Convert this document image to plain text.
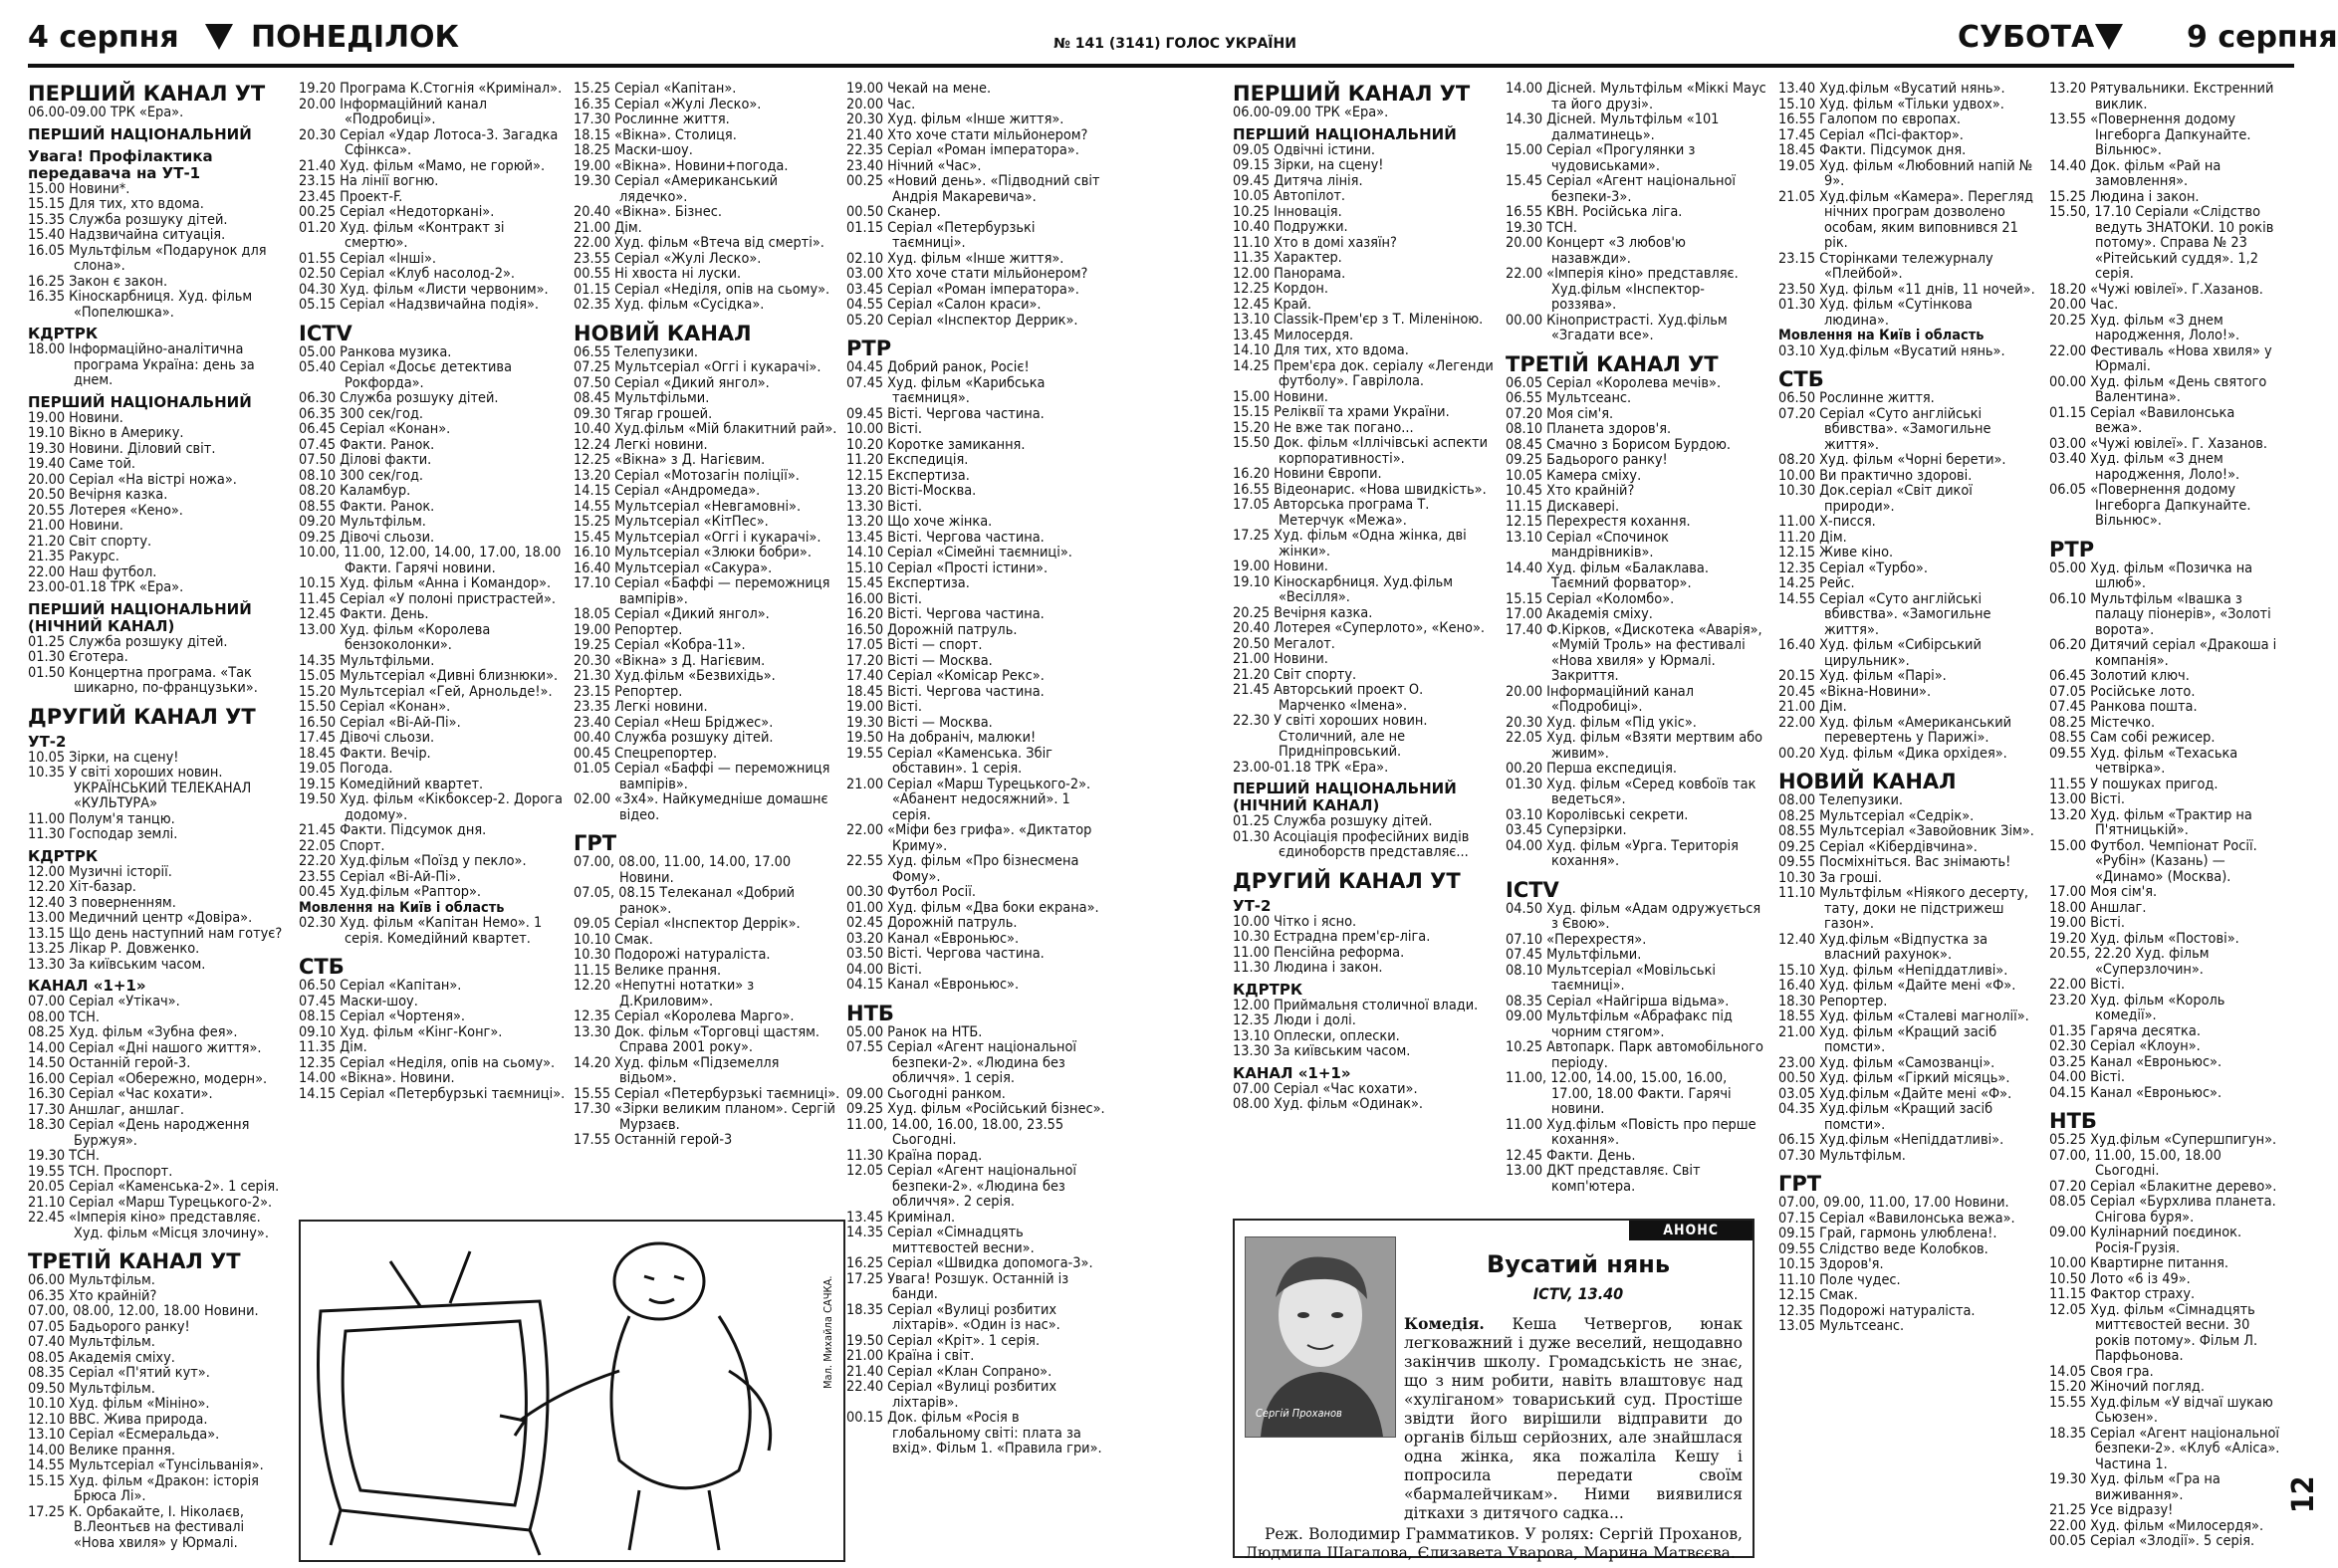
4 серпня ПОНЕДІЛОК	№ 141 (3141) ГОЛОС УКРАЇНИ	СУБОТА	9 серпня

ПЕРШИЙ КАНАЛ УТ

06.00-09.00 ТРК «Ера».

ПЕРШИЙ НАЦІОНАЛЬНИЙ

Увага! Профілактика передавача на УТ-1

15.00 Новини*.

15.15 Для тих, хто вдома.

15.35 Служба розшуку дітей.

15.40 Надзвичайна ситуація.

16.05 Мультфільм «Подарунок для слона».

16.25 Закон є закон.

16.35 Кіноскарбниця. Худ. фільм «Попелюшка».

КДРТРК

18.00 Інформаційно-аналітична програма Україна: день за днем.

ПЕРШИЙ НАЦІОНАЛЬНИЙ

19.00 Новини.

19.10 Вікно в Америку.

19.30 Новини. Діловий світ.

19.40 Саме той.

20.00 Серіал «На вістрі ножа».

20.50 Вечірня казка.

20.55 Лотерея «Кено».

21.00 Новини.

21.20 Світ спорту.

21.35 Ракурс.

22.00 Наш футбол.

23.00-01.18 ТРК «Ера».

ПЕРШИЙ НАЦІОНАЛЬНИЙ (НІЧНИЙ КАНАЛ)

01.25 Служба розшуку дітей.

01.30 Єготера.

01.50 Концертна програма. «Так шикарно, по-французьки».

ДРУГИЙ КАНАЛ УТ

УТ-2

10.05 Зірки, на сцену!

10.35 У світі хороших новин. УКРАЇНСЬКИЙ ТЕЛЕКАНАЛ «КУЛЬТУРА»

11.00 Полум'я танцю.

11.30 Господар землі.

КДРТРК

12.00 Музичні історії.

12.20 Хіт-базар.

12.40 З поверненням.

13.00 Медичний центр «Довіра».

13.15 Що день наступний нам готує?

13.25 Лікар Р. Довженко.

13.30 За київським часом.

КАНАЛ «1+1»

07.00 Серіал «Утікач».

08.00 ТСН.

08.25 Худ. фільм «Зубна фея».

14.00 Серіал «Дні нашого життя».

14.50 Останній герой-3.

16.00 Серіал «Обережно, модерн».

16.30 Серіал «Час кохати».

17.30 Аншлаг, аншлаг.

18.30 Серіал «День народження Буржуя».

19.30 ТСН.

19.55 ТСН. Проспорт.

20.05 Серіал «Каменська-2». 1 серія.

21.10 Серіал «Марш Турецького-2».

22.45 «Імперія кіно» представляє. Худ. фільм «Місця злочину».

ТРЕТІЙ КАНАЛ УТ

06.00 Мультфільм.

06.35 Хто крайній?

07.00, 08.00, 12.00, 18.00 Новини.

07.05 Бадьорого ранку!

07.40 Мультфільм.

08.05 Академія сміху.

08.35 Серіал «П'ятий кут».

09.50 Мультфільм.

10.10 Худ. фільм «Мініно».

12.10 ВВС. Жива природа.

13.10 Серіал «Есмеральда».

14.00 Велике прання.

14.55 Мультсеріал «Тунсільванія».

15.15 Худ. фільм «Дракон: історія Брюса Лі».

17.25 К. Орбакайте, І. Ніколаєв, В.Леонтьєв на фестивалі «Нова хвиля» у Юрмалі.

19.20 Програма К.Стогнія «Кримінал».

20.00 Інформаційний канал «Подробиці».

20.30 Серіал «Удар Лотоса-3. Загадка Сфінкса».

21.40 Худ. фільм «Мамо, не горюй».

23.15 На лінії вогню.

23.45 Проект-F.

00.25 Серіал «Недоторкані».

01.20 Худ. фільм «Контракт зі смертю».

01.55 Серіал «Інші».

02.50 Серіал «Клуб насолод-2».

04.30 Худ. фільм «Листи червоним».

05.15 Серіал «Надзвичайна подія».

ICTV

05.00 Ранкова музика.

05.40 Серіал «Досьє детектива Рокфорда».

06.30 Служба розшуку дітей.

06.35 300 сек/год.

06.45 Серіал «Конан».

07.45 Факти. Ранок.

07.50 Ділові факти.

08.10 300 сек/год.

08.20 Каламбур.

08.55 Факти. Ранок.

09.20 Мультфільм.

09.25 Дівочі сльози.

10.00, 11.00, 12.00, 14.00, 17.00, 18.00 Факти. Гарячі новини.

10.15 Худ. фільм «Анна і Командор».

11.45 Серіал «У полоні пристрастей».

12.45 Факти. День.

13.00 Худ. фільм «Королева бензоколонки».

14.35 Мультфільми.

15.05 Мультсеріал «Дивні близнюки».

15.20 Мультсеріал «Гей, Арнольде!».

15.50 Серіал «Конан».

16.50 Серіал «Ві-Ай-Пі».

17.45 Дівочі сльози.

18.45 Факти. Вечір.

19.05 Погода.

19.15 Комедійний квартет.

19.50 Худ. фільм «Кікбоксер-2. Дорога додому».

21.45 Факти. Підсумок дня.

22.05 Спорт.

22.20 Худ.фільм «Поїзд у пекло».

23.55 Серіал «Ві-Ай-Пі».

00.45 Худ.фільм «Раптор».

Мовлення на Київ і область

02.30 Худ. фільм «Капітан Немо». 1 серія. Комедійний квартет.

СТБ

06.50 Серіал «Капітан».

07.45 Маски-шоу.

08.15 Серіал «Чортеня».

09.10 Худ. фільм «Кінг-Конг».

11.35 Дім.

12.35 Серіал «Неділя, опів на сьому».

14.00 «Вікна». Новини.

14.15 Серіал «Петербурзькі таємниці».

15.25 Серіал «Капітан».

16.35 Серіал «Жулі Леско».

17.30 Рослинне життя.

18.15 «Вікна». Столиця.

18.25 Маски-шоу.

19.00 «Вікна». Новини+погода.

19.30 Серіал «Американський лядечко».

20.40 «Вікна». Бізнес.

21.00 Дім.

22.00 Худ. фільм «Втеча від смерті».

23.55 Серіал «Жулі Леско».

00.55 Ні хвоста ні луски.

01.15 Серіал «Неділя, опів на сьому».

02.35 Худ. фільм «Сусідка».

НОВИЙ КАНАЛ

06.55 Телепузики.

07.25 Мультсеріал «Оггі і кукарачі».

07.50 Серіал «Дикий янгол».

08.45 Мультфільми.

09.30 Тягар грошей.

10.40 Худ.фільм «Мій блакитний рай».

12.24 Легкі новини.

12.25 «Вікна» з Д. Нагієвим.

13.20 Серіал «Мотозагін поліції».

14.15 Серіал «Андромеда».

14.55 Мультсеріал «Невгамовні».

15.25 Мультсеріал «КітПес».

15.45 Мультсеріал «Оггі і кукарачі».

16.10 Мультсеріал «Злюки бобри».

16.40 Мультсеріал «Сакура».

17.10 Серіал «Баффі — переможниця вампірів».

18.05 Серіал «Дикий янгол».

19.00 Репортер.

19.25 Серіал «Кобра-11».

20.30 «Вікна» з Д. Нагієвим.

21.30 Худ.фільм «Безвихідь».

23.15 Репортер.

23.35 Легкі новини.

23.40 Серіал «Неш Бріджес».

00.40 Служба розшуку дітей.

00.45 Спецрепортер.

01.05 Серіал «Баффі — переможниця вампірів».

02.00 «3х4». Найкумедніше домашнє відео.

ГРТ

07.00, 08.00, 11.00, 14.00, 17.00 Новини.

07.05, 08.15 Телеканал «Добрий ранок».

09.05 Серіал «Інспектор Деррік».

10.10 Смак.

10.30 Подорожі натураліста.

11.15 Велике прання.

12.20 «Непутні нотатки» з Д.Криловим».

12.35 Серіал «Королева Марго».

13.30 Док. фільм «Торговці щастям. Справа 2001 року».

14.20 Худ. фільм «Підземелля відьом».

15.55 Серіал «Петербурзькі таємниці».

17.30 «Зірки великим планом». Сергій Мурзаєв.

17.55 Останній герой-3

19.00 Чекай на мене.

20.00 Час.

20.30 Худ. фільм «Інше життя».

21.40 Хто хоче стати мільйонером?

22.35 Серіал «Роман імператора».

23.40 Нічний «Час».

00.25 «Новий день». «Підводний світ Андрія Макаревича».

00.50 Сканер.

01.15 Серіал «Петербурзькі таємниці».

02.10 Худ. фільм «Інше життя».

03.00 Хто хоче стати мільйонером?

03.45 Серіал «Роман імператора».

04.55 Серіал «Салон краси».

05.20 Серіал «Інспектор Деррик».

РТР

04.45 Добрий ранок, Росіє!

07.45 Худ. фільм «Карибська таємниця».

09.45 Вісті. Чергова частина.

10.00 Вісті.

10.20 Коротке замикання.

11.20 Експедиція.

12.15 Експертиза.

13.20 Вісті-Москва.

13.30 Вісті.

13.20 Що хоче жінка.

13.45 Вісті. Чергова частина.

14.10 Серіал «Сімейні таємниці».

15.10 Серіал «Прості істини».

15.45 Експертиза.

16.00 Вісті.

16.20 Вісті. Чергова частина.

16.50 Дорожній патруль.

17.05 Вісті — спорт.

17.20 Вісті — Москва.

17.40 Серіал «Комісар Рекс».

18.45 Вісті. Чергова частина.

19.00 Вісті.

19.30 Вісті — Москва.

19.50 На добраніч, малюки!

19.55 Серіал «Каменська. Збіг обставин». 1 серія.

21.00 Серіал «Марш Турецького-2». «Абанент недосяжний». 1 серія.

22.00 «Міфи без грифа». «Диктатор Криму».

22.55 Худ. фільм «Про бізнесмена Фому».

00.30 Футбол Росії.

01.00 Худ. фільм «Два боки екрана».

02.45 Дорожній патруль.

03.20 Канал «Евроньюс».

03.50 Вісті. Чергова частина.

04.00 Вісті.

04.15 Канал «Евроньюс».

НТБ

05.00 Ранок на НТБ.

07.55 Серіал «Агент національної безпеки-2». «Людина без обличчя». 1 серія.

09.00 Сьогодні ранком.

09.25 Худ. фільм «Російський бізнес».

11.00, 14.00, 16.00, 18.00, 23.55 Сьогодні.

11.30 Країна порад.

12.05 Серіал «Агент національної безпеки-2». «Людина без обличчя». 2 серія.

13.45 Кримінал.

14.35 Серіал «Сімнадцять миттєвостей весни».

16.25 Серіал «Швидка допомога-3».

17.25 Увага! Розшук. Останній із банди.

18.35 Серіал «Вулиці розбитих ліхтарів». «Один із нас».

19.50 Серіал «Кріт». 1 серія.

21.00 Країна і світ.

21.40 Серіал «Клан Сопрано».

22.40 Серіал «Вулиці розбитих ліхтарів».

00.15 Док. фільм «Росія в глобальному світі: плата за вхід». Фільм 1. «Правила гри».

ПЕРШИЙ КАНАЛ УТ

06.00-09.00 ТРК «Ера».

ПЕРШИЙ НАЦІОНАЛЬНИЙ

09.05 Одвічні істини.

09.15 Зірки, на сцену!

09.45 Дитяча лінія.

10.05 Автопілот.

10.25 Інновація.

10.40 Подружки.

11.10 Хто в домі хазяїн?

11.35 Характер.

12.00 Панорама.

12.25 Кордон.

12.45 Край.

13.10 Classik-Прем'єр з Т. Міленіною.

13.45 Милосердя.

14.10 Для тих, хто вдома.

14.25 Прем'єра док. серіалу «Легенди футболу». Гаврілола.

15.00 Новини.

15.15 Реліквії та храми України.

15.20 Не вже так погано...

15.50 Док. фільм «Іллічівські аспекти корпоративності».

16.20 Новини Європи.

16.55 Відеонарис. «Нова швидкість».

17.05 Авторська програма Т. Метерчук «Межа».

17.25 Худ. фільм «Одна жінка, дві жінки».

19.00 Новини.

19.10 Кіноскарбниця. Худ.фільм «Весілля».

20.25 Вечірня казка.

20.40 Лотерея «Суперлото», «Кено».

20.50 Мегалот.

21.00 Новини.

21.20 Світ спорту.

21.45 Авторський проект О. Марченко «Імена».

22.30 У світі хороших новин. Столичний, але не Придніпровський.

23.00-01.18 ТРК «Ера».

ПЕРШИЙ НАЦІОНАЛЬНИЙ (НІЧНИЙ КАНАЛ)

01.25 Служба розшуку дітей.

01.30 Асоціація професійних видів єдиноборств представляє...

ДРУГИЙ КАНАЛ УТ

УТ-2

10.00 Чітко і ясно.

10.30 Естрадна прем'єр-ліга.

11.00 Пенсійна реформа.

11.30 Людина і закон.

КДРТРК

12.00 Приймальня столичної влади.

12.35 Люди і долі.

13.10 Оплески, оплески.

13.30 За київським часом.

КАНАЛ «1+1»

07.00 Серіал «Час кохати».

08.00 Худ. фільм «Одинак».

14.00 Дісней. Мультфільм «Міккі Маус та його друзі».

14.30 Дісней. Мультфільм «101 далматинець».

15.00 Серіал «Прогулянки з чудовиськами».

15.45 Серіал «Агент національної безпеки-3».

16.55 КВН. Російська ліга.

19.30 ТСН.

20.00 Концерт «З любов'ю назавжди».

22.00 «Імперія кіно» представляє. Худ.фільм «Інспектор-роззява».

00.00 Кінопристрасті. Худ.фільм «Згадати все».

ТРЕТІЙ КАНАЛ УТ

06.05 Серіал «Королева мечів».

06.55 Мультсеанс.

07.20 Моя сім'я.

08.10 Планета здоров'я.

08.45 Смачно з Борисом Бурдою.

09.25 Бадьорого ранку!

10.05 Камера сміху.

10.45 Хто крайній?

11.15 Дискавері.

12.15 Перехрестя кохання.

13.10 Серіал «Спочинок мандрівників».

14.40 Худ. фільм «Балаклава. Таємний форватор».

15.15 Серіал «Коломбо».

17.00 Академія сміху.

17.40 Ф.Кірков, «Дискотека «Аварія», «Мумій Троль» на фестивалі «Нова хвиля» у Юрмалі. Закриття.

20.00 Інформаційний канал «Подробиці».

20.30 Худ. фільм «Під укіс».

22.05 Худ. фільм «Взяти мертвим або живим».

00.20 Перша експедиція.

01.30 Худ. фільм «Серед ковбоїв так ведеться».

03.10 Королівські секрети.

03.45 Суперзірки.

04.00 Худ. фільм «Урга. Територія кохання».

ICTV

04.50 Худ. фільм «Адам одружується з Євою».

07.10 «Перехрестя».

07.45 Мультфільми.

08.10 Мультсеріал «Мовільські таємниці».

08.35 Серіал «Найгірша відьма».

09.00 Мультфільм «Абрафакс під чорним стягом».

10.25 Автопарк. Парк автомобільного періоду.

11.00, 12.00, 14.00, 15.00, 16.00, 17.00, 18.00 Факти. Гарячі новини.

11.00 Худ.фільм «Повість про перше кохання».

12.45 Факти. День.

13.00 ДКТ представляє. Світ комп'ютера.

13.40 Худ.фільм «Вусатий нянь».

15.10 Худ. фільм «Тільки удвох».

16.55 Галопом по європах.

17.45 Серіал «Псі-фактор».

18.45 Факти. Підсумок дня.

19.05 Худ. фільм «Любовний напій № 9».

21.05 Худ.фільм «Камера». Перегляд нічних програм дозволено особам, яким виповнився 21 рік.

23.15 Сторінками тележурналу «Плейбой».

23.50 Худ. фільм «11 днів, 11 ночей».

01.30 Худ. фільм «Сутінкова людина».

Мовлення на Київ і область

03.10 Худ.фільм «Вусатий нянь».

СТБ

06.50 Рослинне життя.

07.20 Серіал «Суто англійські вбивства». «Замогильне життя».

08.20 Худ. фільм «Чорні берети».

10.00 Ви практично здорові.

10.30 Док.серіал «Світ дикої природи».

11.00 Х-писся.

11.20 Дім.

12.15 Живе кіно.

12.35 Серіал «Турбо».

14.25 Рейс.

14.55 Серіал «Суто англійські вбивства». «Замогильне життя».

16.40 Худ. фільм «Сибірський цирульник».

20.15 Худ. фільм «Парі».

20.45 «Вікна-Новини».

21.00 Дім.

22.00 Худ. фільм «Американський перевертень у Парижі».

00.20 Худ. фільм «Дика орхідея».

НОВИЙ КАНАЛ

08.00 Телепузики.

08.25 Мультсеріал «Седрік».

08.55 Мультсеріал «Завойовник Зім».

09.25 Серіал «Кібердівчина».

09.55 Посміхніться. Вас знімають!

10.30 За гроші.

11.10 Мультфільм «Ніякого десерту, тату, доки не підстрижеш газон».

12.40 Худ.фільм «Відпустка за власний рахунок».

15.10 Худ. фільм «Непіддатливі».

16.40 Худ. фільм «Дайте мені «Ф».

18.30 Репортер.

18.55 Худ. фільм «Сталеві магнолії».

21.00 Худ. фільм «Кращий засіб помсти».

23.00 Худ. фільм «Самозванці».

00.50 Худ. фільм «Гіркий місяць».

03.05 Худ.фільм «Дайте мені «Ф».

04.35 Худ.фільм «Кращий засіб помсти».

06.15 Худ.фільм «Непіддатливі».

07.30 Мультфільм.

ГРТ

07.00, 09.00, 11.00, 17.00 Новини.

07.15 Серіал «Вавилонська вежа».

09.15 Грай, гармонь улюблена!.

09.55 Слідство веде Колобков.

10.15 Здоров'я.

11.10 Поле чудес.

12.15 Смак.

12.35 Подорожі натураліста.

13.05 Мультсеанс.

13.20 Рятувальники. Екстренний виклик.

13.55 «Повернення додому Інгеборга Дапкунайте. Вільнюс».

14.40 Док. фільм «Рай на замовлення».

15.25 Людина і закон.

15.50, 17.10 Серіали «Слідство ведуть ЗНАТОКИ. 10 років потому». Справа № 23 «Рітейський суддя». 1,2 серія.

18.20 «Чужі ювілеї». Г.Хазанов.

20.00 Час.

20.25 Худ. фільм «З днем народження, Лоло!».

22.00 Фестиваль «Нова хвиля» у Юрмалі.

00.00 Худ. фільм «День святого Валентина».

01.15 Серіал «Вавилонська вежа».

03.00 «Чужі ювілеї». Г. Хазанов.

03.40 Худ. фільм «З днем народження, Лоло!».

06.05 «Повернення додому Інгеборга Дапкунайте. Вільнюс».

РТР

05.00 Худ. фільм «Позичка на шлюб».

06.10 Мультфільм «Івашка з палацу піонерів», «Золоті ворота».

06.20 Дитячий серіал «Дракоша і компанія».

06.45 Золотий ключ.

07.05 Російське лото.

07.45 Ранкова пошта.

08.25 Містечко.

08.55 Сам собі режисер.

09.55 Худ. фільм «Техаська четвірка».

11.55 У пошуках пригод.

13.00 Вісті.

13.20 Худ. фільм «Трактир на П'ятницькій».

15.00 Футбол. Чемпіонат Росії. «Рубін» (Казань) — «Динамо» (Москва).

17.00 Моя сім'я.

18.00 Аншлаг.

19.00 Вісті.

19.20 Худ. фільм «Постові».

20.55, 22.20 Худ. фільм «Суперзлочин».

22.00 Вісті.

23.20 Худ. фільм «Король комедії».

01.35 Гаряча десятка.

02.30 Серіал «Клоун».

03.25 Канал «Евроньюс».

04.00 Вісті.

04.15 Канал «Евроньюс».

НТБ

05.25 Худ.фільм «Супершпигун».

07.00, 11.00, 15.00, 18.00 Сьогодні.

07.20 Серіал «Блакитне дерево».

08.05 Серіал «Бурхлива планета. Снігова буря».

09.00 Кулінарний поєдинок. Росія-Грузія.

10.00 Квартирне питання.

10.50 Лото «6 із 49».

11.15 Фактор страху.

12.05 Худ. фільм «Сімнадцять миттєвостей весни. 30 років потому». Фільм Л. Парфьонова.

14.05 Своя гра.

15.20 Жіночий погляд.

15.55 Худ.фільм «У відчаї шукаю Сьюзен».

18.35 Серіал «Агент національної безпеки-2». «Клуб «Аліса». Частина 1.

19.30 Худ. фільм «Гра на виживання».

21.25 Усе відразу!

22.00 Худ. фільм «Милосердя».

00.05 Серіал «Злодії». 5 серія.

Мал. Михайла САЧКА.
АНОНС
Сергій Проханов
Вусатий нянь
ICTV, 13.40
Комедія. Кеша Четвергов, юнак легковажний і дуже веселий, нещодавно закінчив школу. Громадськість не знає, що з ним робити, навіть влаштовує над «хуліганом» товариський суд. Простіше звідти його вирішили відправити до органів більш серйозних, але знайшлася одна жінка, яка пожаліла Кешу і попросила передати своїм «бармалейчикам». Ними виявилися діткахи з дитячого садка...
Реж. Володимир Грамматиков. У ролях: Сергій Проханов, Людмила Шагалова, Єлизавета Уварова, Марина Матвєєва.
12
